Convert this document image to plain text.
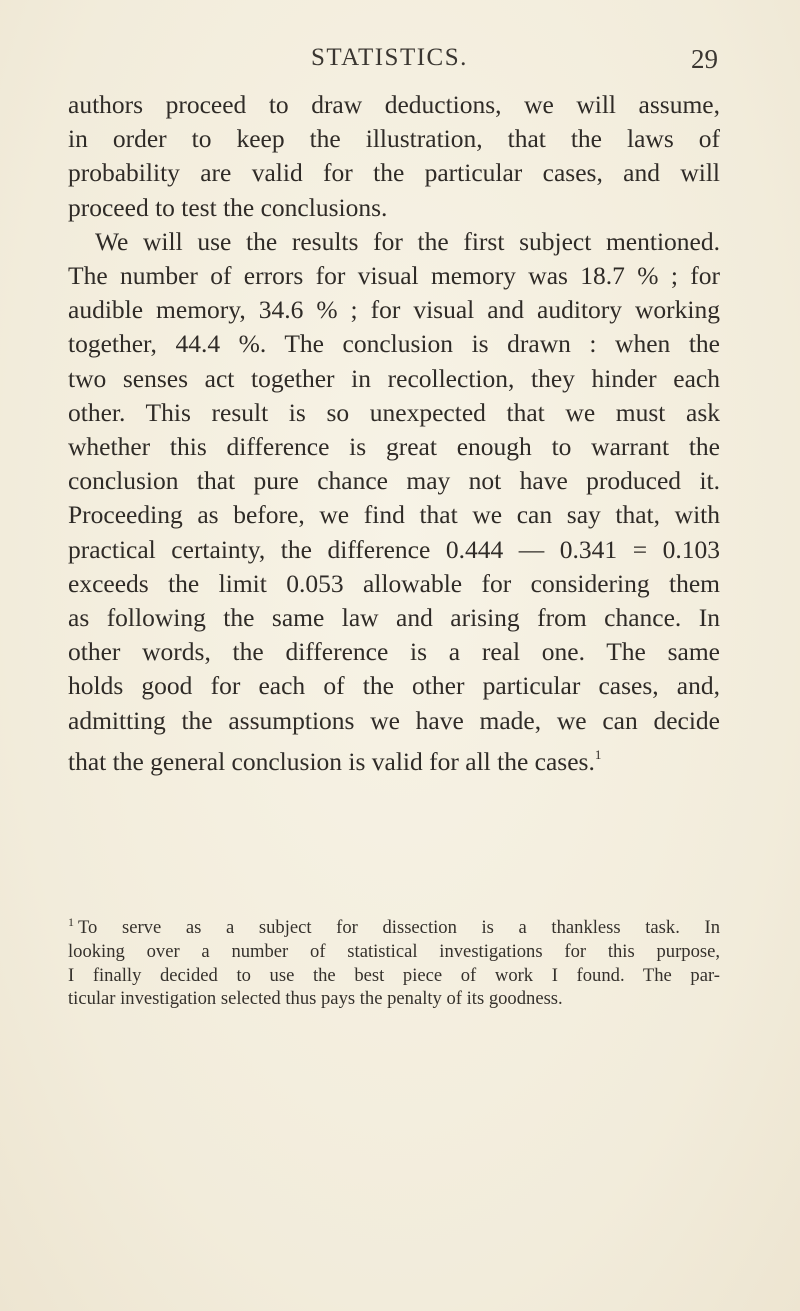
STATISTICS.	29
authors proceed to draw deductions, we will assume,
in order to keep the illustration, that the laws of
probability are valid for the particular cases, and will
proceed to test the conclusions.
We will use the results for the first subject mentioned.
The number of errors for visual memory was 18.7 % ; for
audible memory, 34.6 % ; for visual and auditory working
together, 44.4 %. The conclusion is drawn : when the
two senses act together in recollection, they hinder each
other. This result is so unexpected that we must ask
whether this difference is great enough to warrant the
conclusion that pure chance may not have produced it.
Proceeding as before, we find that we can say that, with
practical certainty, the difference 0.444 — 0.341 = 0.103
exceeds the limit 0.053 allowable for considering them
as following the same law and arising from chance. In
other words, the difference is a real one. The same
holds good for each of the other particular cases, and,
admitting the assumptions we have made, we can decide
that the general conclusion is valid for all the cases.$^1$
$^1$ To serve as a subject for dissection is a thankless task. In
looking over a number of statistical investigations for this purpose,
I finally decided to use the best piece of work I found. The par-
ticular investigation selected thus pays the penalty of its goodness.
